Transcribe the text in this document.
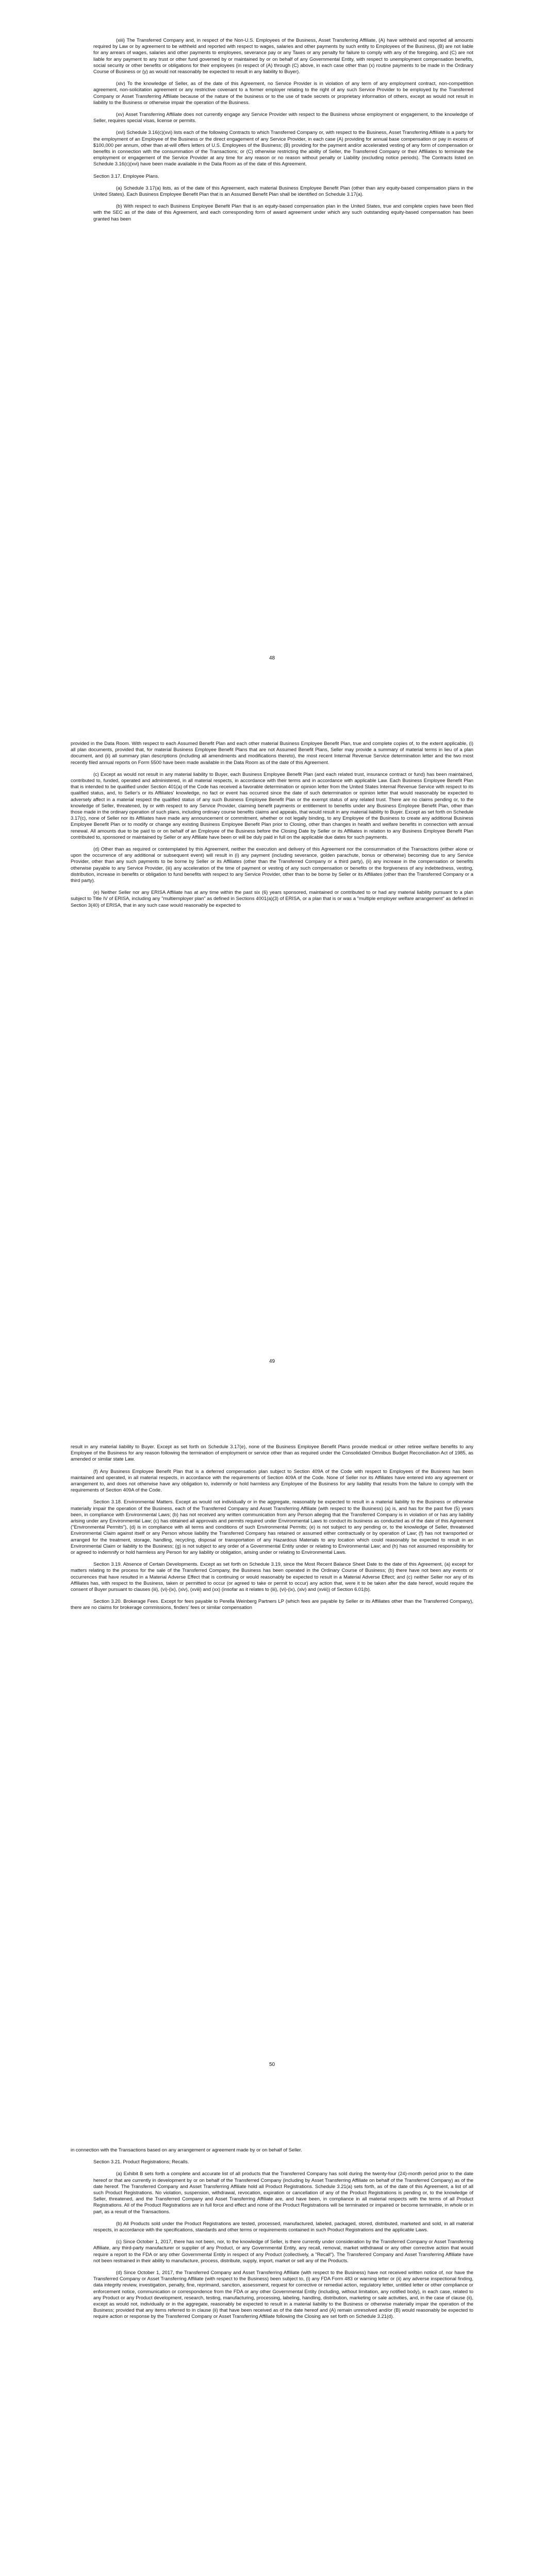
(xiii) The Transferred Company and, in respect of the Non-U.S. Employees of the Business, Asset Transferring Affiliate, (A) have withheld and reported all amounts required by Law or by agreement to be withheld and reported with respect to wages, salaries and other payments by such entity to Employees of the Business, (B) are not liable for any arrears of wages, salaries and other payments to employees, severance pay or any Taxes or any penalty for failure to comply with any of the foregoing, and (C) are not liable for any payment to any trust or other fund governed by or maintained by or on behalf of any Governmental Entity, with respect to unemployment compensation benefits, social security or other benefits or obligations for their employees (in respect of (A) through (C) above, in each case other than (x) routine payments to be made in the Ordinary Course of Business or (y) as would not reasonably be expected to result in any liability to Buyer).

(xiv) To the knowledge of Seller, as of the date of this Agreement, no Service Provider is in violation of any term of any employment contract, non-competition agreement, non-solicitation agreement or any restrictive covenant to a former employer relating to the right of any such Service Provider to be employed by the Transferred Company or Asset Transferring Affiliate because of the nature of the business or to the use of trade secrets or proprietary information of others, except as would not result in liability to the Business or otherwise impair the operation of the Business.

(xv) Asset Transferring Affiliate does not currently engage any Service Provider with respect to the Business whose employment or engagement, to the knowledge of Seller, requires special visas, license or permits.

(xvi) Schedule 3.16(c)(xvi) lists each of the following Contracts to which Transferred Company or, with respect to the Business, Asset Transferring Affiliate is a party for the employment of an Employee of the Business or the direct engagement of any Service Provider, in each case (A) providing for annual base compensation or pay in excess of $100,000 per annum, other than at-will offers letters of U.S. Employees of the Business; (B) providing for the payment and/or accelerated vesting of any form of compensation or benefits in connection with the consummation of the Transactions; or (C) otherwise restricting the ability of Seller, the Transferred Company or their Affiliates to terminate the employment or engagement of the Service Provider at any time for any reason or no reason without penalty or Liability (excluding notice periods). The Contracts listed on Schedule 3.16(c)(xvi) have been made available in the Data Room as of the date of this Agreement.

Section 3.17. Employee Plans.

(a) Schedule 3.17(a) lists, as of the date of this Agreement, each material Business Employee Benefit Plan (other than any equity-based compensation plans in the United States). Each Business Employee Benefit Plan that is an Assumed Benefit Plan shall be identified on Schedule 3.17(a).

(b) With respect to each Business Employee Benefit Plan that is an equity-based compensation plan in the United States, true and complete copies have been filed with the SEC as of the date of this Agreement, and each corresponding form of award agreement under which any such outstanding equity-based compensation has been granted has been

48

provided in the Data Room. With respect to each Assumed Benefit Plan and each other material Business Employee Benefit Plan, true and complete copies of, to the extent applicable, (i) all plan documents, provided that, for material Business Employee Benefit Plans that are not Assumed Benefit Plans, Seller may provide a summary of material terms in lieu of a plan document, and (ii) all summary plan descriptions (including all amendments and modifications thereto), the most recent Internal Revenue Service determination letter and the two most recently filed annual reports on Form 5500 have been made available in the Data Room as of the date of this Agreement.

(c) Except as would not result in any material liability to Buyer, each Business Employee Benefit Plan (and each related trust, insurance contract or fund) has been maintained, contributed to, funded, operated and administered, in all material respects, in accordance with their terms and in accordance with applicable Law. Each Business Employee Benefit Plan that is intended to be qualified under Section 401(a) of the Code has received a favorable determination or opinion letter from the United States Internal Revenue Service with respect to its qualified status, and, to Seller's or its Affiliates' knowledge, no fact or event has occurred since the date of such determination or opinion letter that would reasonably be expected to adversely affect in a material respect the qualified status of any such Business Employee Benefit Plan or the exempt status of any related trust. There are no claims pending or, to the knowledge of Seller, threatened, by or with respect to any Service Provider, claiming benefit payments or entitlement to benefits under any Business Employee Benefit Plan, other than those made in the ordinary operation of such plans, including ordinary course benefits claims and appeals, that would result in any material liability to Buyer. Except as set forth on Schedule 3.17(c), none of Seller nor its Affiliates have made any announcement or commitment, whether or not legally binding, to any Employee of the Business to create any additional Business Employee Benefit Plan or to modify or change any existing Business Employee Benefit Plan prior to Closing, other than changes in health and welfare benefits in connection with annual renewal. All amounts due to be paid to or on behalf of an Employee of the Business before the Closing Date by Seller or its Affiliates in relation to any Business Employee Benefit Plan contributed to, sponsored or maintained by Seller or any Affiliate have been or will be duly paid in full on the applicable due dates for such payments.

(d) Other than as required or contemplated by this Agreement, neither the execution and delivery of this Agreement nor the consummation of the Transactions (either alone or upon the occurrence of any additional or subsequent event) will result in (i) any payment (including severance, golden parachute, bonus or otherwise) becoming due to any Service Provider, other than any such payments to be borne by Seller or its Affiliates (other than the Transferred Company or a third party), (ii) any increase in the compensation or benefits otherwise payable to any Service Provider, (iii) any acceleration of the time of payment or vesting of any such compensation or benefits or the forgiveness of any indebtedness, vesting, distribution, increase in benefits or obligation to fund benefits with respect to any Service Provider, other than to be borne by Seller or its Affiliates (other than the Transferred Company or a third party).

(e) Neither Seller nor any ERISA Affiliate has at any time within the past six (6) years sponsored, maintained or contributed to or had any material liability pursuant to a plan subject to Title IV of ERISA, including any "multiemployer plan" as defined in Sections 4001(a)(3) of ERISA, or a plan that is or was a "multiple employer welfare arrangement" as defined in Section 3(40) of ERISA, that in any such case would reasonably be expected to

49

result in any material liability to Buyer. Except as set forth on Schedule 3.17(e), none of the Business Employee Benefit Plans provide medical or other retiree welfare benefits to any Employee of the Business for any reason following the termination of employment or service other than as required under the Consolidated Omnibus Budget Reconciliation Act of 1985, as amended or similar state Law.

(f) Any Business Employee Benefit Plan that is a deferred compensation plan subject to Section 409A of the Code with respect to Employees of the Business has been maintained and operated, in all material respects, in accordance with the requirements of Section 409A of the Code. None of Seller nor its Affiliates have entered into any agreement or arrangement to, and does not otherwise have any obligation to, indemnify or hold harmless any Employee of the Business for any liability that results from the failure to comply with the requirements of Section 409A of the Code.

Section 3.18. Environmental Matters. Except as would not individually or in the aggregate, reasonably be expected to result in a material liability to the Business or otherwise materially impair the operation of the Business, each of the Transferred Company and Asset Transferring Affiliate (with respect to the Business) (a) is, and has for the past five (5) years been, in compliance with Environmental Laws; (b) has not received any written communication from any Person alleging that the Transferred Company is in violation of or has any liability arising under any Environmental Law; (c) has obtained all approvals and permits required under Environmental Laws to conduct its business as conducted as of the date of this Agreement ("Environmental Permits"), (d) is in compliance with all terms and conditions of such Environmental Permits; (e) is not subject to any pending or, to the knowledge of Seller, threatened Environmental Claim against itself or any Person whose liability the Transferred Company has retained or assumed either contractually or by operation of Law; (f) has not transported or arranged for the treatment, storage, handling, recycling, disposal or transportation of any Hazardous Materials to any location which could reasonably be expected to result in an Environmental Claim or liability to the Business; (g) is not subject to any order of a Governmental Entity under or relating to Environmental Law; and (h) has not assumed responsibility for or agreed to indemnify or hold harmless any Person for any liability or obligation, arising under or relating to Environmental Laws.

Section 3.19. Absence of Certain Developments. Except as set forth on Schedule 3.19, since the Most Recent Balance Sheet Date to the date of this Agreement, (a) except for matters relating to the process for the sale of the Transferred Company, the Business has been operated in the Ordinary Course of Business; (b) there have not been any events or occurrences that have resulted in a Material Adverse Effect that is continuing or would reasonably be expected to result in a Material Adverse Effect; and (c) neither Seller nor any of its Affiliates has, with respect to the Business, taken or permitted to occur (or agreed to take or permit to occur) any action that, were it to be taken after the date hereof, would require the consent of Buyer pursuant to clauses (iii), (vi)-(ix), (xiv), (xviii) and (xx) (insofar as it relates to (iii), (vi)-(ix), (xiv) and (xviii)) of Section 6.01(b).

Section 3.20. Brokerage Fees. Except for fees payable to Perella Weinberg Partners LP (which fees are payable by Seller or its Affiliates other than the Transferred Company), there are no claims for brokerage commissions, finders' fees or similar compensation

50

in connection with the Transactions based on any arrangement or agreement made by or on behalf of Seller.

Section 3.21. Product Registrations; Recalls.

(a) Exhibit B sets forth a complete and accurate list of all products that the Transferred Company has sold during the twenty-four (24)-month period prior to the date hereof or that are currently in development by or on behalf of the Transferred Company (including by Asset Transferring Affiliate on behalf of the Transferred Company) as of the date hereof. The Transferred Company and Asset Transferring Affiliate hold all Product Registrations. Schedule 3.21(a) sets forth, as of the date of this Agreement, a list of all such Product Registrations. No violation, suspension, withdrawal, revocation, expiration or cancellation of any of the Product Registrations is pending or, to the knowledge of Seller, threatened, and the Transferred Company and Asset Transferring Affiliate are, and have been, in compliance in all material respects with the terms of all Product Registrations. All of the Product Registrations are in full force and effect and none of the Product Registrations will be terminated or impaired or become terminable, in whole or in part, as a result of the Transactions.

(b) All Products sold under the Product Registrations are tested, processed, manufactured, labeled, packaged, stored, distributed, marketed and sold, in all material respects, in accordance with the specifications, standards and other terms or requirements contained in such Product Registrations and the applicable Laws.

(c) Since October 1, 2017, there has not been, nor, to the knowledge of Seller, is there currently under consideration by the Transferred Company or Asset Transferring Affiliate, any third-party manufacturer or supplier of any Product, or any Governmental Entity, any recall, removal, market withdrawal or any other corrective action that would require a report to the FDA or any other Governmental Entity in respect of any Product (collectively, a "Recall"). The Transferred Company and Asset Transferring Affiliate have not been restrained in their ability to manufacture, process, distribute, supply, import, market or sell any of the Products.

(d) Since October 1, 2017, the Transferred Company and Asset Transferring Affiliate (with respect to the Business) have not received written notice of, nor have the Transferred Company or Asset Transferring Affiliate (with respect to the Business) been subject to, (i) any FDA Form 483 or warning letter or (ii) any adverse inspectional finding, data integrity review, investigation, penalty, fine, reprimand, sanction, assessment, request for corrective or remedial action, regulatory letter, untitled letter or other compliance or enforcement notice, communication or correspondence from the FDA or any other Governmental Entity (including, without limitation, any notified body), in each case, related to any Product or any Product development, research, testing, manufacturing, processing, labeling, handling, distribution, marketing or sale activities, and, in the case of clause (ii), except as would not, individually or in the aggregate, reasonably be expected to result in a material liability to the Business or otherwise materially impair the operation of the Business; provided that any items referred to in clause (ii) that have been received as of the date hereof and (A) remain unresolved and/or (B) would reasonably be expected to require action or response by the Transferred Company or Asset Transferring Affiliate following the Closing are set forth on Schedule 3.21(d).
